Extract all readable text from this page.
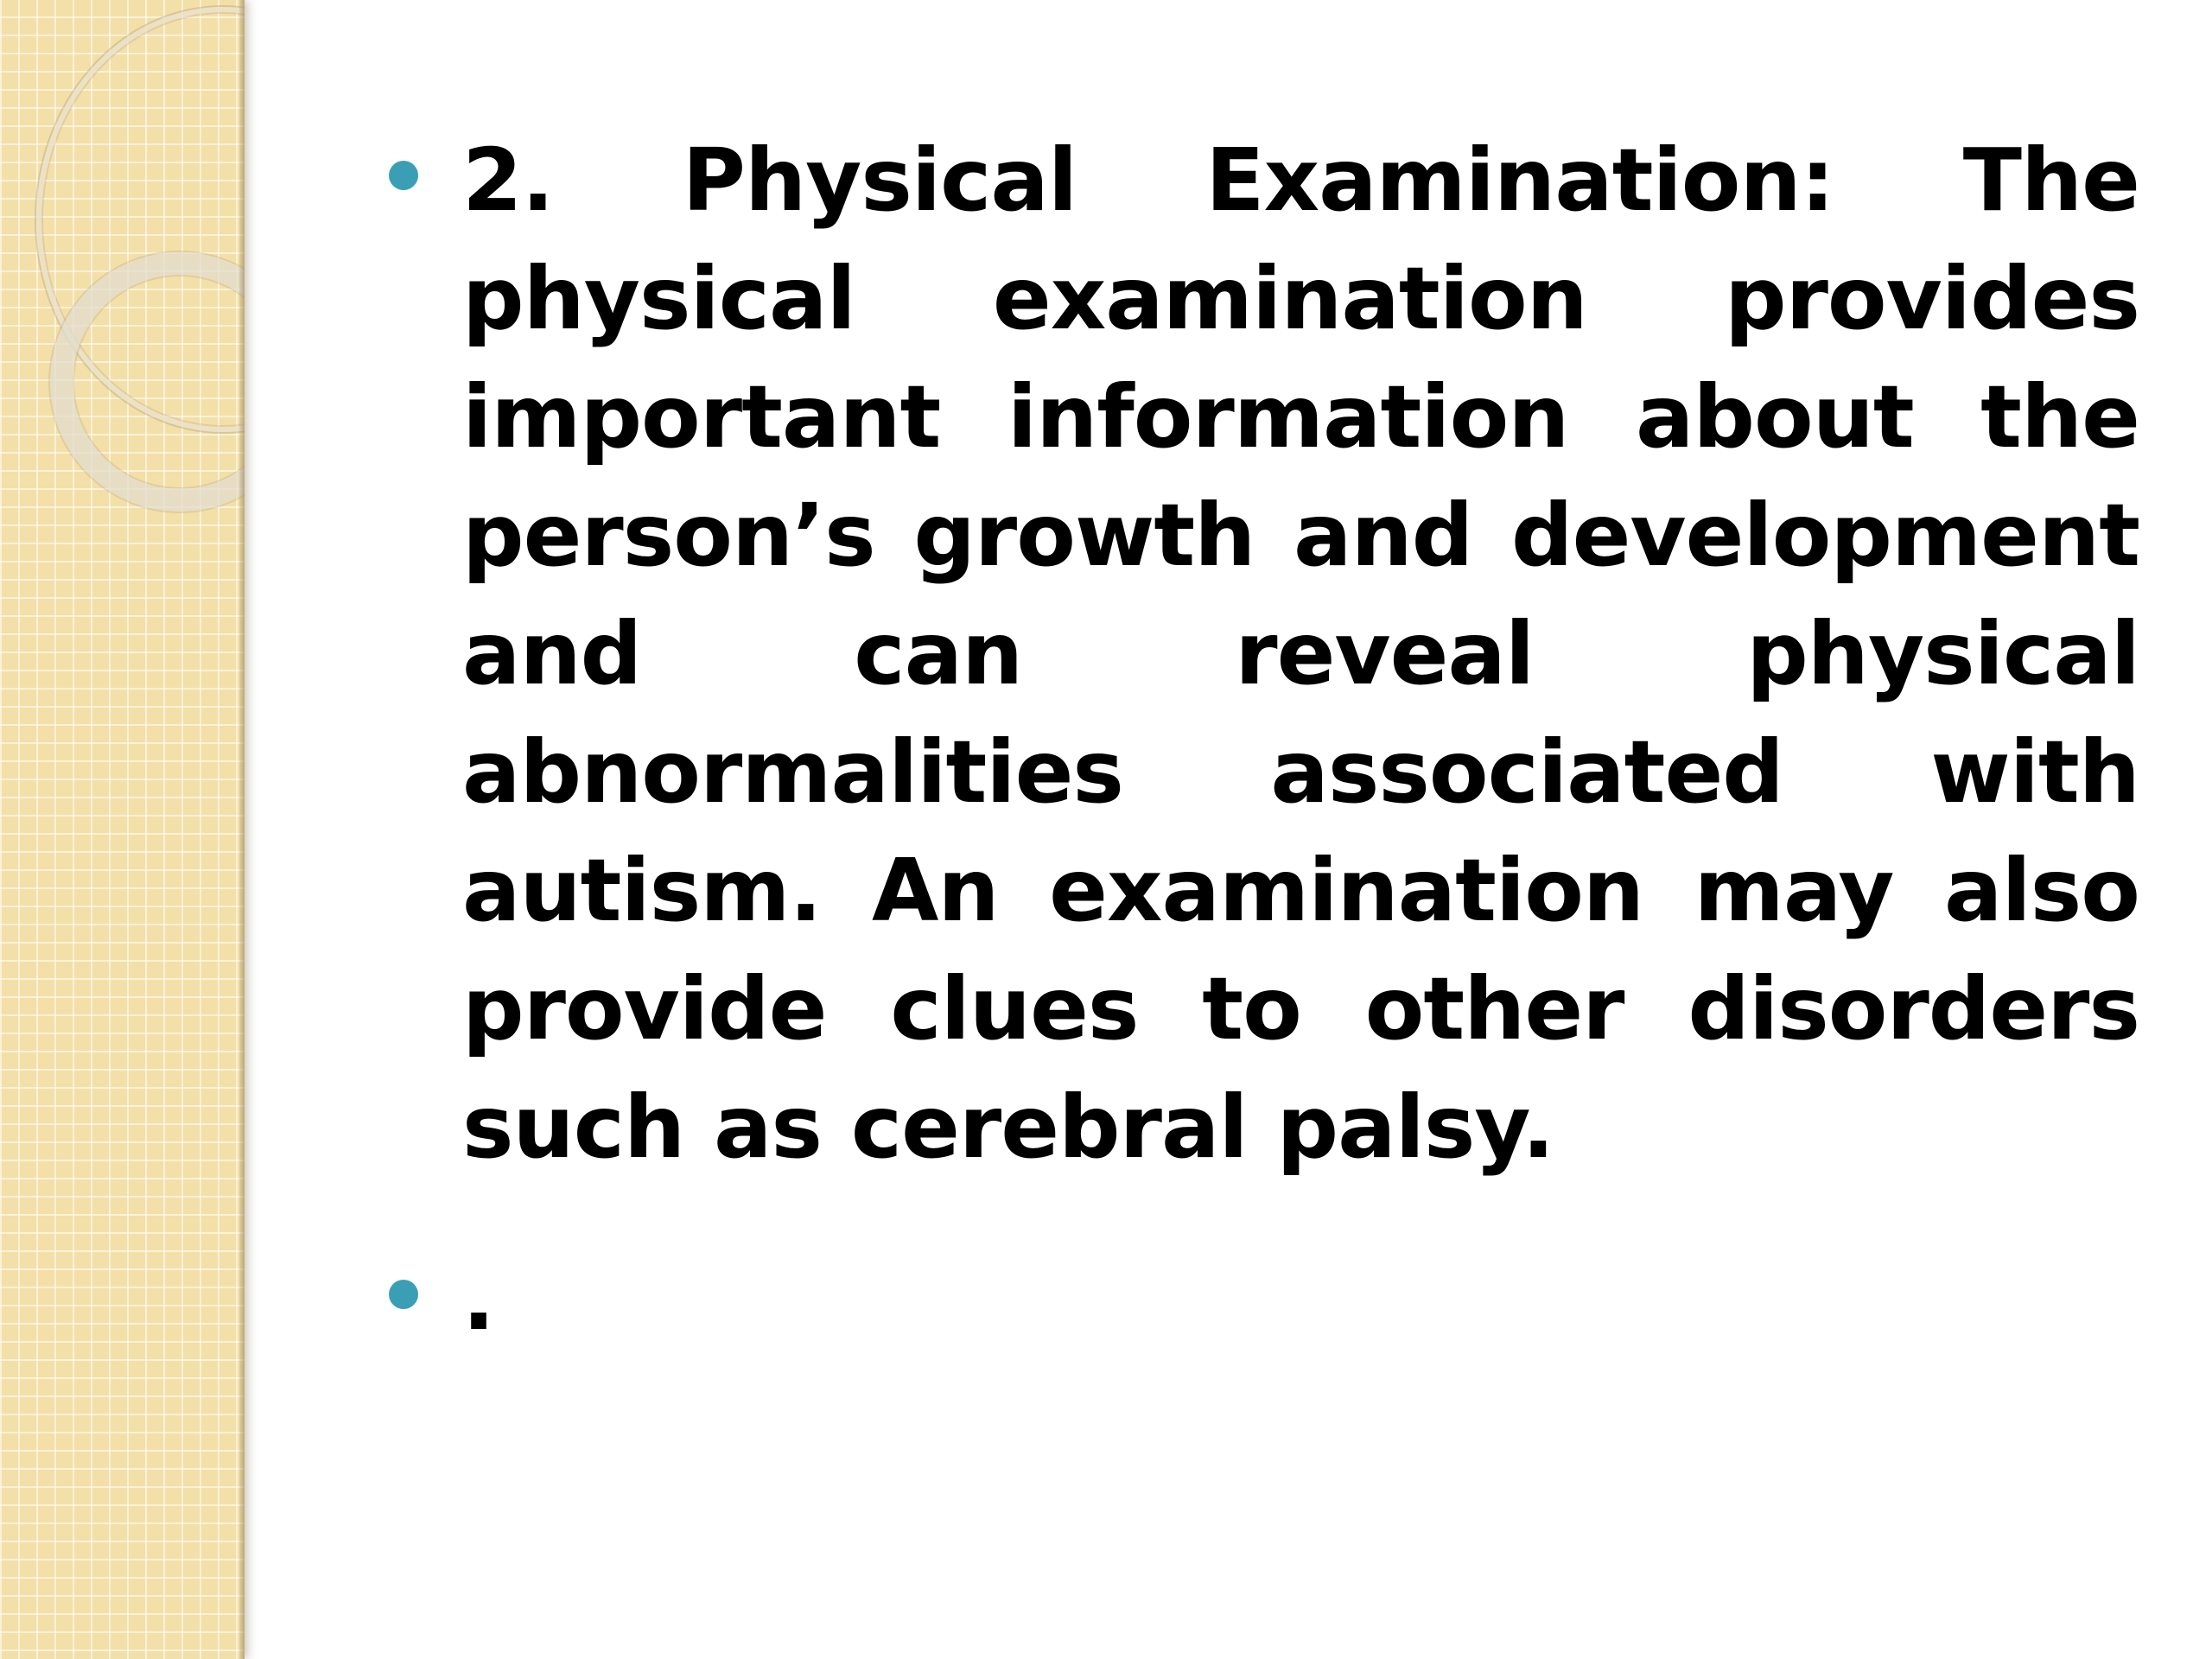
2. Physical Examination: The physical examination provides important information about the person’s growth and development and can reveal physical abnormalities associated with autism. An examination may also provide clues to other disorders such as cerebral palsy.
.
